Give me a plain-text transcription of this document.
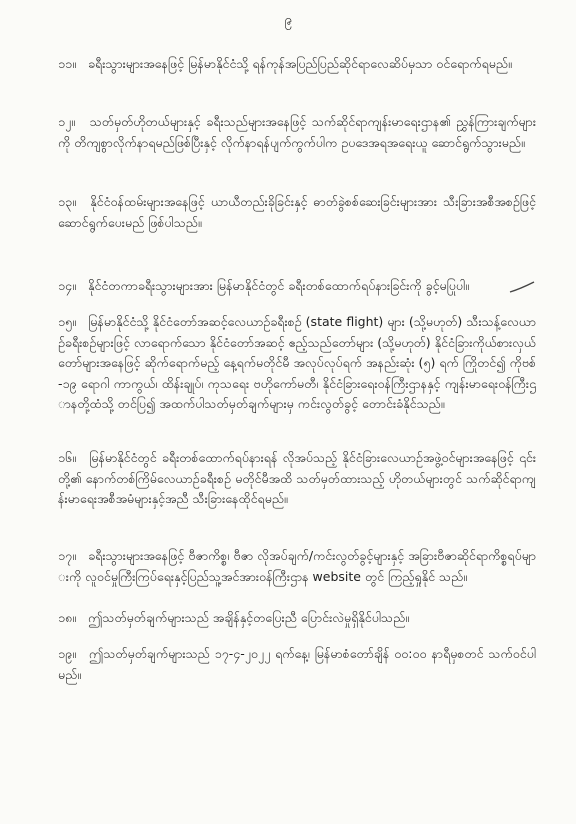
၉
၁၁။ ခရီးသွားများအနေဖြင့် မြန်မာနိုင်ငံသို့ ရန်ကုန်အပြည်ပြည်ဆိုင်ရာလေဆိပ်မှသာ ဝင်ရောက်ရမည်။
၁၂။ သတ်မှတ်ဟိုတယ်များနှင့် ခရီးသည်များအနေဖြင့် သက်ဆိုင်ရာကျန်းမာရေးဌာန၏ ညွှန်ကြားချက်များကို တိကျစွာလိုက်နာရမည်ဖြစ်ပြီးနှင့် လိုက်နာရန်ပျက်ကွက်ပါက ဥပဒေအရအရေးယူ ဆောင်ရွက်သွားမည်။
၁၃။ နိုင်ငံဝန်ထမ်းများအနေဖြင့် ယာယီတည်းခိုခြင်းနှင့် ဓာတ်ခွဲစစ်ဆေးခြင်းများအား သီးခြားအစီအစဉ်ဖြင့် ဆောင်ရွက်ပေးမည် ဖြစ်ပါသည်။
၁၄။ နိုင်ငံတကာခရီးသွားများအား မြန်မာနိုင်ငံတွင် ခရီးတစ်ထောက်ရပ်နားခြင်းကို ခွင့်မပြုပါ။
၁၅။ မြန်မာနိုင်ငံသို့ နိုင်ငံတော်အဆင့်လေယာဉ်ခရီးစဉ် (state flight) များ (သို့မဟုတ်) သီးသန့်လေယာဉ်ခရီးစဉ်များဖြင့် လာရောက်သော နိုင်ငံတော်အဆင့် ဧည့်သည်တော်များ (သို့မဟုတ်) နိုင်ငံခြားကိုယ်စားလှယ်တော်များအနေဖြင့် ဆိုက်ရောက်မည့် နေ့ရက်မတိုင်မီ အလုပ်လုပ်ရက် အနည်းဆုံး (၅) ရက် ကြိုတင်၍ ကိုဗစ်-၁၉ ရောဂါ ကာကွယ်၊ ထိန်းချုပ်၊ ကုသရေး ဗဟိုကော်မတီ၊ နိုင်ငံခြားရေးဝန်ကြီးဌာနနှင့် ကျန်းမာရေးဝန်ကြီးဌာနတို့ထံသို့ တင်ပြ၍ အထက်ပါသတ်မှတ်ချက်များမှ ကင်းလွတ်ခွင့် တောင်းခံနိုင်သည်။
၁၆။ မြန်မာနိုင်ငံတွင် ခရီးတစ်ထောက်ရပ်နားရန် လိုအပ်သည့် နိုင်ငံခြားလေယာဉ်အဖွဲ့ဝင်များအနေဖြင့် ၎င်းတို့၏ နောက်တစ်ကြိမ်လေယာဉ်ခရီးစဉ် မတိုင်မီအထိ သတ်မှတ်ထားသည့် ဟိုတယ်များတွင် သက်ဆိုင်ရာကျန်းမာရေးအစီအမံများနှင့်အညီ သီးခြားနေထိုင်ရမည်။
၁၇။ ခရီးသွားများအနေဖြင့် ဗီဇာကိစ္စ၊ ဗီဇာ လိုအပ်ချက်/ကင်းလွတ်ခွင့်များနှင့် အခြားဗီဇာဆိုင်ရာကိစ္စရပ်များကို လူဝင်မှုကြီးကြပ်ရေးနှင့်ပြည်သူ့အင်အားဝန်ကြီးဌာန website တွင် ကြည့်ရှုနိုင် သည်။
၁၈။ ဤသတ်မှတ်ချက်များသည် အချိန်နှင့်တပြေးညီ ပြောင်းလဲမှုရှိနိုင်ပါသည်။
၁၉။ ဤသတ်မှတ်ချက်များသည် ၁၇-၄-၂၀၂၂ ရက်နေ့၊ မြန်မာစံတော်ချိန် ၀၀:၀၀ နာရီမှစတင် သက်ဝင်ပါမည်။
